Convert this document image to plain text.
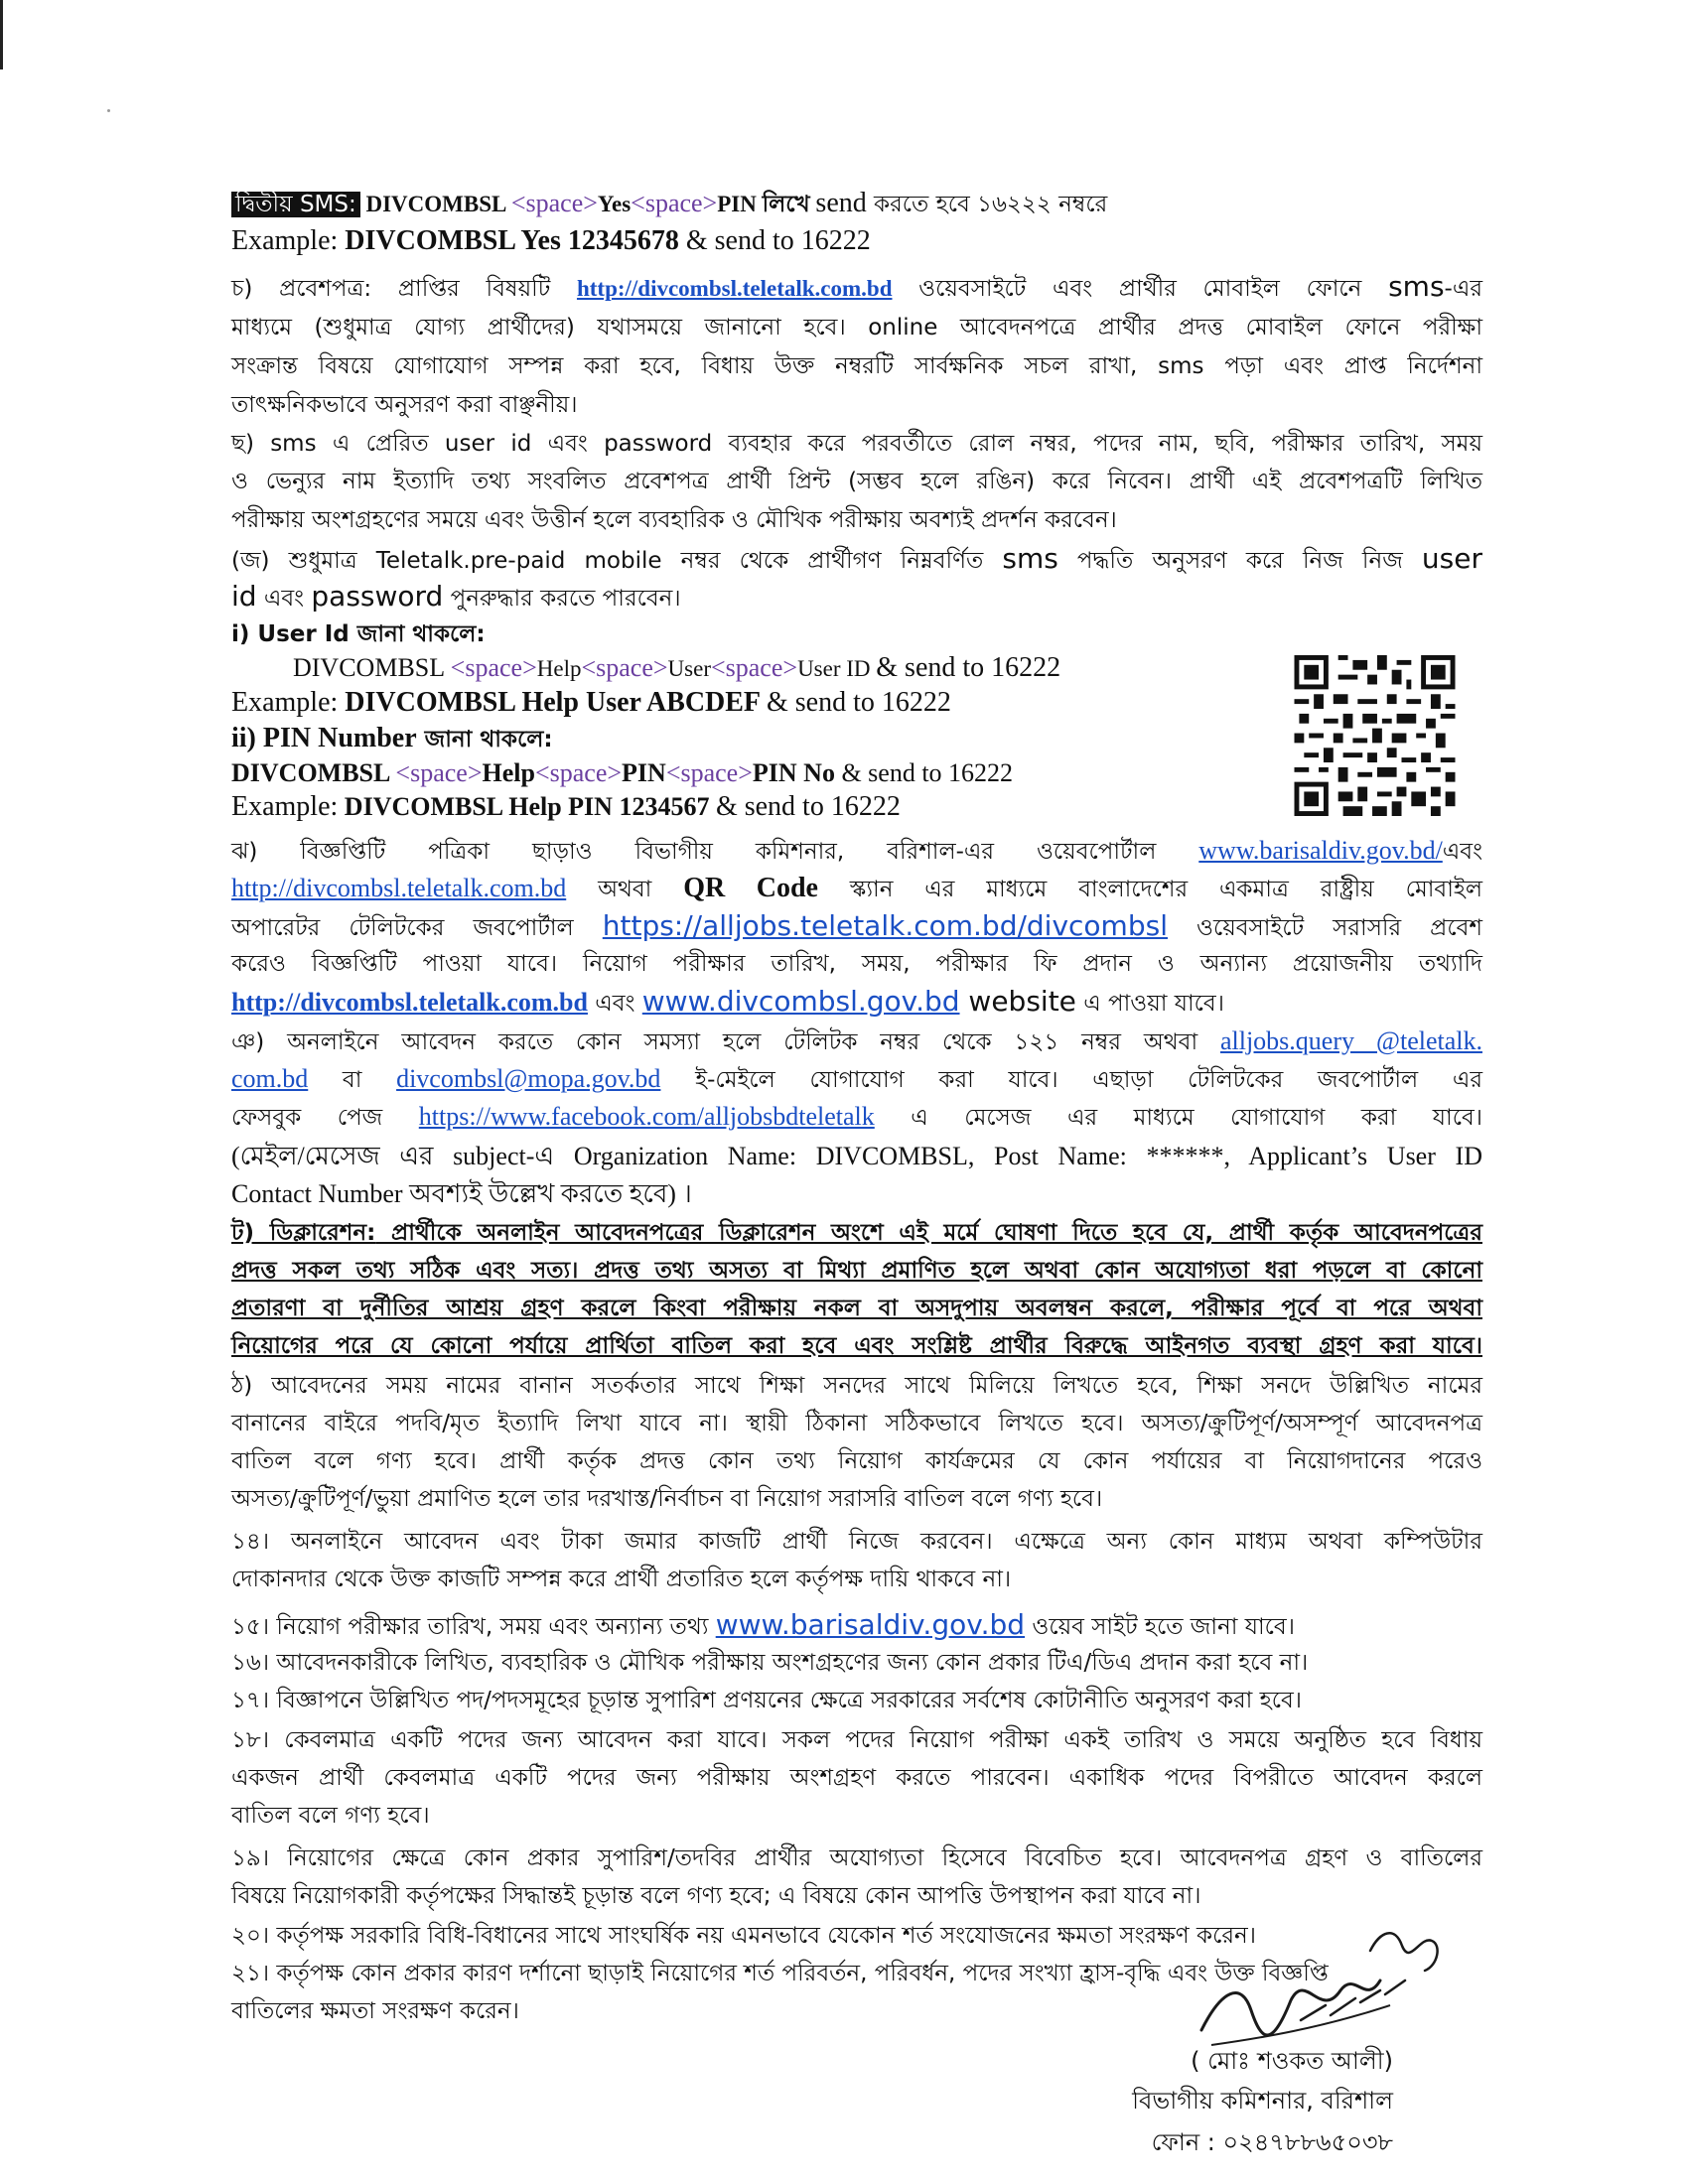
দ্বিতীয় SMS: DIVCOMBSL <space>Yes<space>PIN লিখে send করতে হবে ১৬২২২ নম্বরে
Example: DIVCOMBSL Yes 12345678 & send to 16222
চ) প্রবেশপত্র: প্রাপ্তির বিষয়টি http://divcombsl.teletalk.com.bd ওয়েবসাইটে এবং প্রার্থীর মোবাইল ফোনে sms-এর
মাধ্যমে (শুধুমাত্র যোগ্য প্রার্থীদের) যথাসময়ে জানানো হবে। online আবেদনপত্রে প্রার্থীর প্রদত্ত মোবাইল ফোনে পরীক্ষা
সংক্রান্ত বিষয়ে যোগাযোগ সম্পন্ন করা হবে, বিধায় উক্ত নম্বরটি সার্বক্ষনিক সচল রাখা, sms পড়া এবং প্রাপ্ত নির্দেশনা
তাৎক্ষনিকভাবে অনুসরণ করা বাঞ্ছনীয়।
ছ) sms এ প্রেরিত user id এবং password ব্যবহার করে পরবর্তীতে রোল নম্বর, পদের নাম, ছবি, পরীক্ষার তারিখ, সময়
ও ভেন্যুর নাম ইত্যাদি তথ্য সংবলিত প্রবেশপত্র প্রার্থী প্রিন্ট (সম্ভব হলে রঙিন) করে নিবেন। প্রার্থী এই প্রবেশপত্রটি লিখিত
পরীক্ষায় অংশগ্রহণের সময়ে এবং উত্তীর্ন হলে ব্যবহারিক ও মৌখিক পরীক্ষায় অবশ্যই প্রদর্শন করবেন।
(জ) শুধুমাত্র Teletalk.pre-paid mobile নম্বর থেকে প্রার্থীগণ নিম্নবর্ণিত sms পদ্ধতি অনুসরণ করে নিজ নিজ user
id এবং password পুনরুদ্ধার করতে পারবেন।
i) User Id জানা থাকলে:
DIVCOMBSL <space>Help<space>User<space>User ID & send to 16222
Example: DIVCOMBSL Help User ABCDEF & send to 16222
ii) PIN Number জানা থাকলে:
DIVCOMBSL <space>Help<space>PIN<space>PIN No & send to 16222
Example: DIVCOMBSL Help PIN 1234567 & send to 16222
ঝ) বিজ্ঞপ্তিটি পত্রিকা ছাড়াও বিভাগীয় কমিশনার, বরিশাল-এর ওয়েবপোর্টাল www.barisaldiv.gov.bd/এবং
http://divcombsl.teletalk.com.bd অথবা QR Code স্ক্যান এর মাধ্যমে বাংলাদেশের একমাত্র রাষ্ট্রীয় মোবাইল
অপারেটর টেলিটকের জবপোর্টাল https://alljobs.teletalk.com.bd/divcombsl ওয়েবসাইটে সরাসরি প্রবেশ
করেও বিজ্ঞপ্তিটি পাওয়া যাবে। নিয়োগ পরীক্ষার তারিখ, সময়, পরীক্ষার ফি প্রদান ও অন্যান্য প্রয়োজনীয় তথ্যাদি
http://divcombsl.teletalk.com.bd এবং www.divcombsl.gov.bd website এ পাওয়া যাবে।
ঞ) অনলাইনে আবেদন করতে কোন সমস্যা হলে টেলিটক নম্বর থেকে ১২১ নম্বর অথবা alljobs.query @teletalk.
com.bd বা divcombsl@mopa.gov.bd ই-মেইলে যোগাযোগ করা যাবে। এছাড়া টেলিটকের জবপোর্টাল এর
ফেসবুক পেজ https://www.facebook.com/alljobsbdteletalk এ মেসেজ এর মাধ্যমে যোগাযোগ করা যাবে।
(মেইল/মেসেজ এর subject-এ Organization Name: DIVCOMBSL, Post Name: ******, Applicant’s User ID
Contact Number অবশ্যই উল্লেখ করতে হবে) ।
ট) ডিক্লারেশন: প্রার্থীকে অনলাইন আবেদনপত্রের ডিক্লারেশন অংশে এই মর্মে ঘোষণা দিতে হবে যে, প্রার্থী কর্তৃক আবেদনপত্রের
প্রদত্ত সকল তথ্য সঠিক এবং সত্য। প্রদত্ত তথ্য অসত্য বা মিথ্যা প্রমাণিত হলে অথবা কোন অযোগ্যতা ধরা পড়লে বা কোনো
প্রতারণা বা দুর্নীতির আশ্রয় গ্রহণ করলে কিংবা পরীক্ষায় নকল বা অসদুপায় অবলম্বন করলে, পরীক্ষার পূর্বে বা পরে অথবা
নিয়োগের পরে যে কোনো পর্যায়ে প্রার্থিতা বাতিল করা হবে এবং সংশ্লিষ্ট প্রার্থীর বিরুদ্ধে আইনগত ব্যবস্থা গ্রহণ করা যাবে।
ঠ) আবেদনের সময় নামের বানান সতর্কতার সাথে শিক্ষা সনদের সাথে মিলিয়ে লিখতে হবে, শিক্ষা সনদে উল্লিখিত নামের
বানানের বাইরে পদবি/মৃত ইত্যাদি লিখা যাবে না। স্থায়ী ঠিকানা সঠিকভাবে লিখতে হবে। অসত্য/ক্রুটিপূর্ণ/অসম্পূর্ণ আবেদনপত্র
বাতিল বলে গণ্য হবে। প্রার্থী কর্তৃক প্রদত্ত কোন তথ্য নিয়োগ কার্যক্রমের যে কোন পর্যায়ের বা নিয়োগদানের পরেও
অসত্য/ক্রুটিপূর্ণ/ভুয়া প্রমাণিত হলে তার দরখাস্ত/নির্বাচন বা নিয়োগ সরাসরি বাতিল বলে গণ্য হবে।
১৪। অনলাইনে আবেদন এবং টাকা জমার কাজটি প্রার্থী নিজে করবেন। এক্ষেত্রে অন্য কোন মাধ্যম অথবা কম্পিউটার
দোকানদার থেকে উক্ত কাজটি সম্পন্ন করে প্রার্থী প্রতারিত হলে কর্তৃপক্ষ দায়ি থাকবে না।
১৫। নিয়োগ পরীক্ষার তারিখ, সময় এবং অন্যান্য তথ্য www.barisaldiv.gov.bd ওয়েব সাইট হতে জানা যাবে।
১৬। আবেদনকারীকে লিখিত, ব্যবহারিক ও মৌখিক পরীক্ষায় অংশগ্রহণের জন্য কোন প্রকার টিএ/ডিএ প্রদান করা হবে না।
১৭। বিজ্ঞাপনে উল্লিখিত পদ/পদসমূহের চূড়ান্ত সুপারিশ প্রণয়নের ক্ষেত্রে সরকারের সর্বশেষ কোটানীতি অনুসরণ করা হবে।
১৮। কেবলমাত্র একটি পদের জন্য আবেদন করা যাবে। সকল পদের নিয়োগ পরীক্ষা একই তারিখ ও সময়ে অনুষ্ঠিত হবে বিধায়
একজন প্রার্থী কেবলমাত্র একটি পদের জন্য পরীক্ষায় অংশগ্রহণ করতে পারবেন। একাধিক পদের বিপরীতে আবেদন করলে
বাতিল বলে গণ্য হবে।
১৯। নিয়োগের ক্ষেত্রে কোন প্রকার সুপারিশ/তদবির প্রার্থীর অযোগ্যতা হিসেবে বিবেচিত হবে। আবেদনপত্র গ্রহণ ও বাতিলের
বিষয়ে নিয়োগকারী কর্তৃপক্ষের সিদ্ধান্তই চূড়ান্ত বলে গণ্য হবে; এ বিষয়ে কোন আপত্তি উপস্থাপন করা যাবে না।
২০। কর্তৃপক্ষ সরকারি বিধি-বিধানের সাথে সাংঘর্ষিক নয় এমনভাবে যেকোন শর্ত সংযোজনের ক্ষমতা সংরক্ষণ করেন।
২১। কর্তৃপক্ষ কোন প্রকার কারণ দর্শানো ছাড়াই নিয়োগের শর্ত পরিবর্তন, পরিবর্ধন, পদের সংখ্যা হ্রাস-বৃদ্ধি এবং উক্ত বিজ্ঞপ্তি
বাতিলের ক্ষমতা সংরক্ষণ করেন।
( মোঃ শওকত আলী)
বিভাগীয় কমিশনার, বরিশাল
ফোন : ০২৪৭৮৮৬৫০৩৮
